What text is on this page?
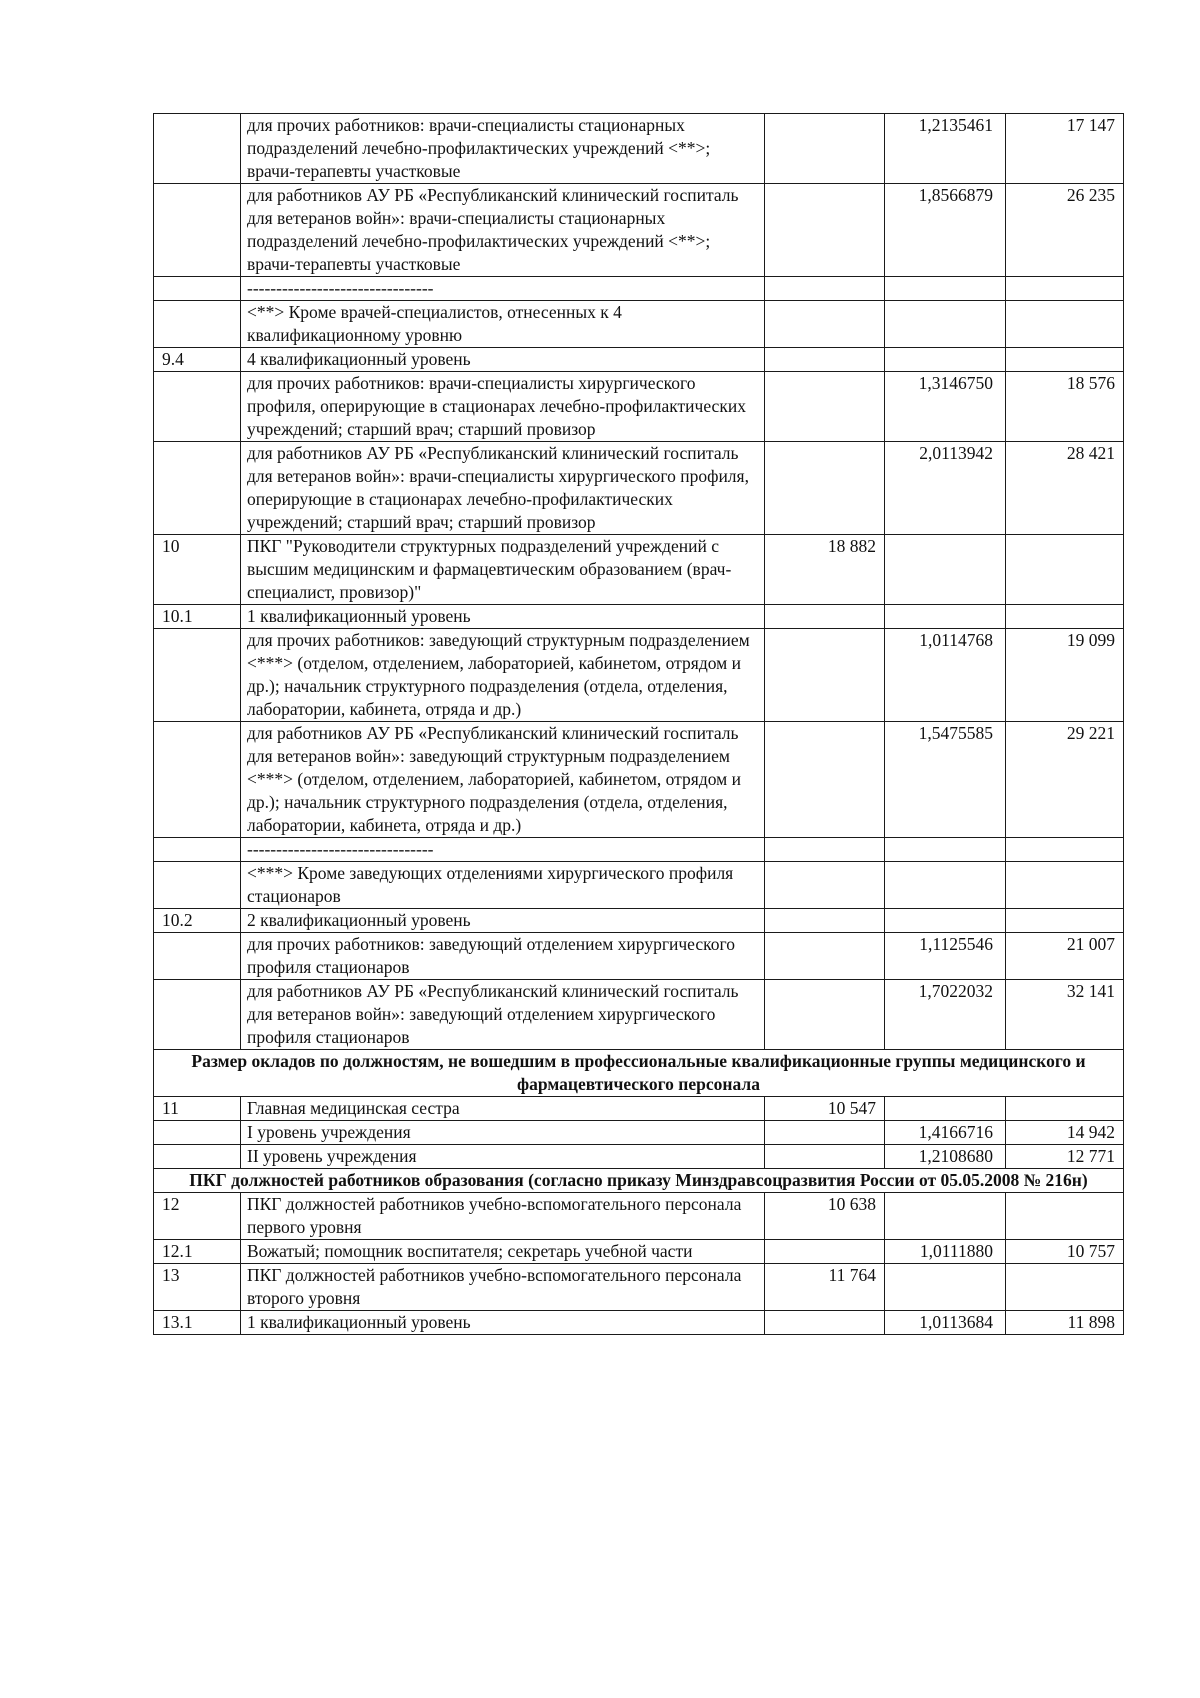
	для прочих работников: врачи-специалисты стационарных подразделений лечебно-профилактических учреждений <**>; врачи-терапевты участковые		1,2135461	17 147
	для работников АУ РБ «Республиканский клинический госпиталь для ветеранов войн»: врачи-специалисты стационарных подразделений лечебно-профилактических учреждений <**>; врачи-терапевты участковые		1,8566879	26 235
	--------------------------------			
	<**> Кроме врачей-специалистов, отнесенных к 4 квалификационному уровню			
9.4	4 квалификационный уровень			
	для прочих работников: врачи-специалисты хирургического профиля, оперирующие в стационарах лечебно-профилактических учреждений; старший врач; старший провизор		1,3146750	18 576
	для работников АУ РБ «Республиканский клинический госпиталь для ветеранов войн»: врачи-специалисты хирургического профиля, оперирующие в стационарах лечебно-профилактических учреждений; старший врач; старший провизор		2,0113942	28 421
10	ПКГ "Руководители структурных подразделений учреждений с высшим медицинским и фармацевтическим образованием (врач-специалист, провизор)"	18 882		
10.1	1 квалификационный уровень			
	для прочих работников: заведующий структурным подразделением <***> (отделом, отделением, лабораторией, кабинетом, отрядом и др.); начальник структурного подразделения (отдела, отделения, лаборатории, кабинета, отряда и др.)		1,0114768	19 099
	для работников АУ РБ «Республиканский клинический госпиталь для ветеранов войн»: заведующий структурным подразделением <***> (отделом, отделением, лабораторией, кабинетом, отрядом и др.); начальник структурного подразделения (отдела, отделения, лаборатории, кабинета, отряда и др.)		1,5475585	29 221
	--------------------------------			
	<***> Кроме заведующих отделениями хирургического профиля стационаров			
10.2	2 квалификационный уровень			
	для прочих работников: заведующий отделением хирургического профиля стационаров		1,1125546	21 007
	для работников АУ РБ «Республиканский клинический госпиталь для ветеранов войн»: заведующий отделением хирургического профиля стационаров		1,7022032	32 141
Размер окладов по должностям, не вошедшим в профессиональные квалификационные группы медицинского и фармацевтического персонала				
11	Главная медицинская сестра	10 547		
	I уровень учреждения		1,4166716	14 942
	II уровень учреждения		1,2108680	12 771
ПКГ должностей работников образования (согласно приказу Минздравсоцразвития России от 05.05.2008 № 216н)				
12	ПКГ должностей работников учебно-вспомогательного персонала первого уровня	10 638		
12.1	Вожатый; помощник воспитателя; секретарь учебной части		1,0111880	10 757
13	ПКГ должностей работников учебно-вспомогательного персонала второго уровня	11 764		
13.1	1 квалификационный уровень		1,0113684	11 898
